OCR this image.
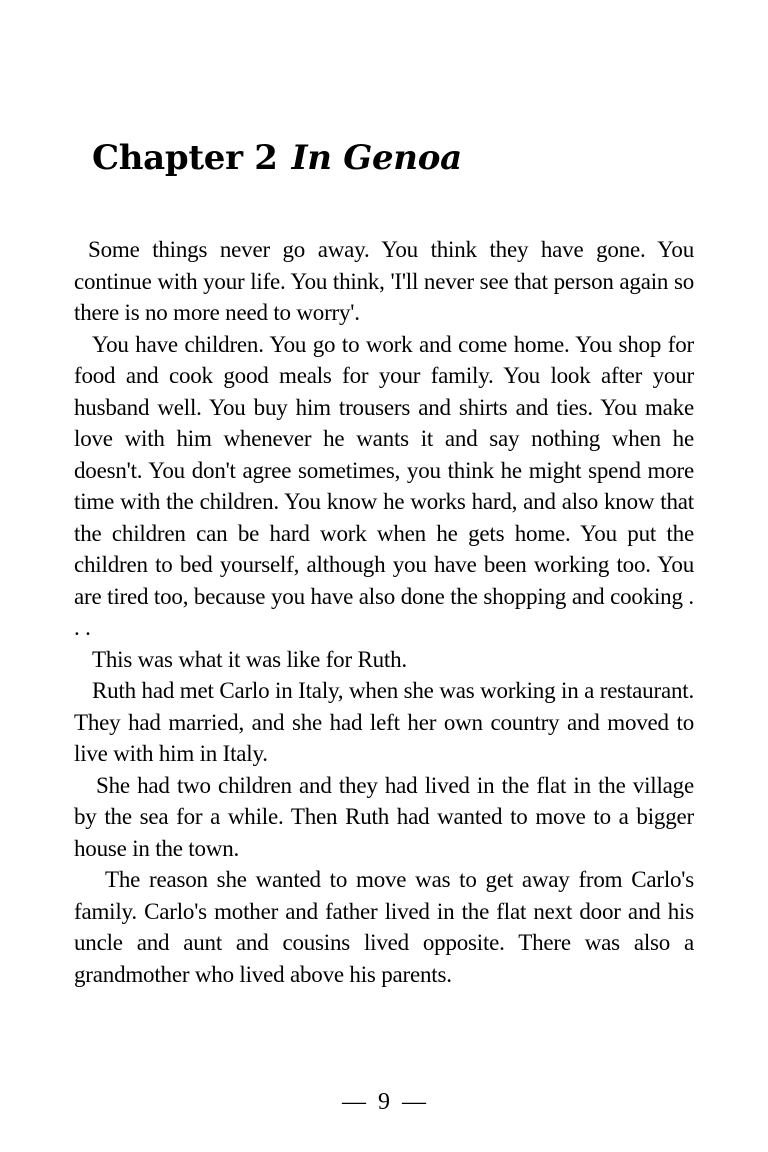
Chapter 2 In Genoa

Some things never go away. You think they have gone. You continue with your life. You think, 'I'll never see that person again so there is no more need to worry'.

You have children. You go to work and come home. You shop for food and cook good meals for your family. You look after your husband well. You buy him trousers and shirts and ties. You make love with him whenever he wants it and say nothing when he doesn't. You don't agree sometimes, you think he might spend more time with the children. You know he works hard, and also know that the children can be hard work when he gets home. You put the children to bed yourself, although you have been working too. You are tired too, because you have also done the shopping and cooking . . .

This was what it was like for Ruth.

Ruth had met Carlo in Italy, when she was working in a restaurant. They had married, and she had left her own country and moved to live with him in Italy.

She had two children and they had lived in the flat in the village by the sea for a while. Then Ruth had wanted to move to a bigger house in the town.

The reason she wanted to move was to get away from Carlo's family. Carlo's mother and father lived in the flat next door and his uncle and aunt and cousins lived opposite. There was also a grandmother who lived above his parents.

— 9 —
